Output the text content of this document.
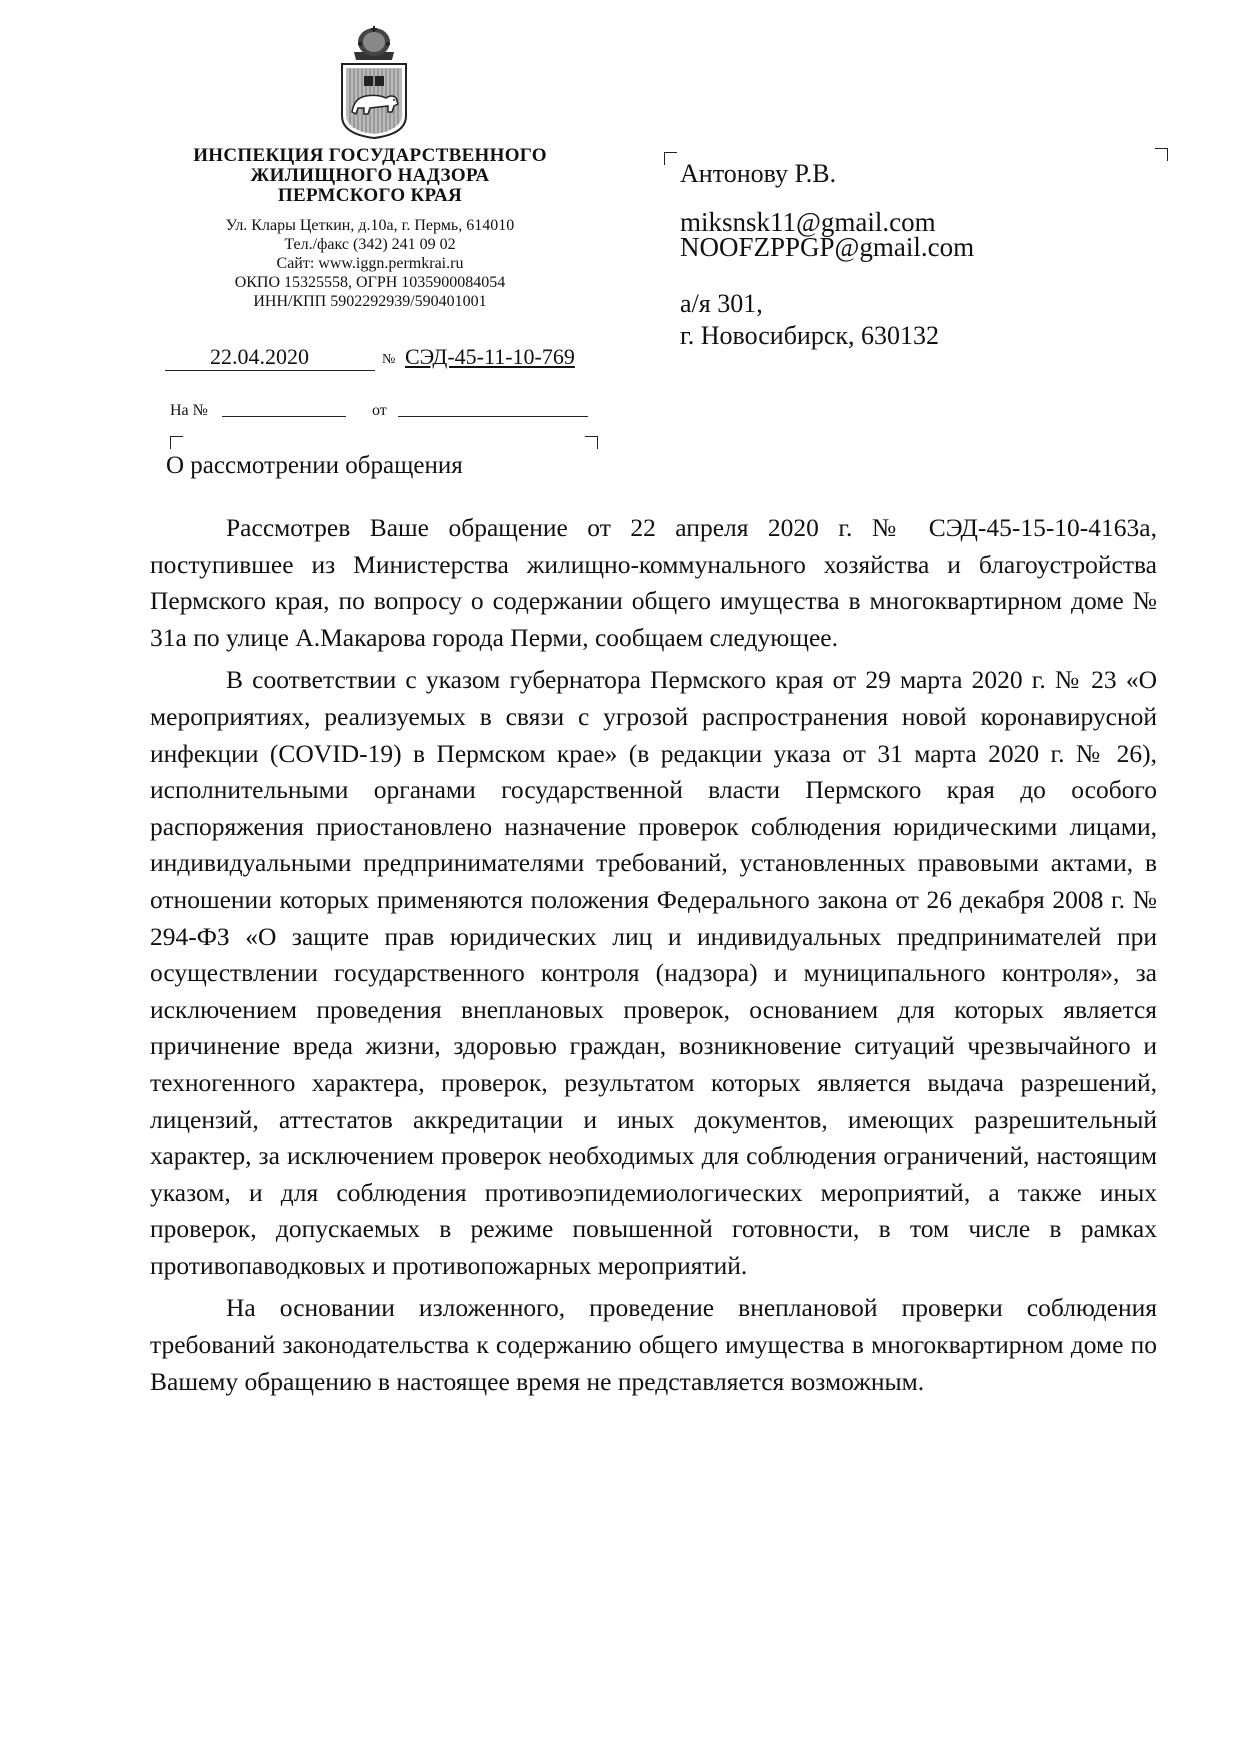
ИНСПЕКЦИЯ ГОСУДАРСТВЕННОГО
ЖИЛИЩНОГО НАДЗОРА
ПЕРМСКОГО КРАЯ
Ул. Клары Цеткин, д.10а, г. Пермь, 614010
Тел./факс (342) 241 09 02
Сайт: www.iggn.permkrai.ru
ОКПО 15325558, ОГРН 1035900084054
ИНН/КПП 5902292939/590401001
22.04.2020	№ СЭД-45-11-10-769
На №	от
О рассмотрении обращения
Антонову Р.В.
miksnsk11@gmail.com
NOOFZPPGP@gmail.com
а/я 301,
г. Новосибирск, 630132

Рассмотрев Ваше обращение от 22 апреля 2020 г. № СЭД-45-15-10-4163а, поступившее из Министерства жилищно-коммунального хозяйства и благоустройства Пермского края, по вопросу о содержании общего имущества в многоквартирном доме № 31а по улице А.Макарова города Перми, сообщаем следующее.

В соответствии с указом губернатора Пермского края от 29 марта 2020 г. № 23 «О мероприятиях, реализуемых в связи с угрозой распространения новой коронавирусной инфекции (COVID-19) в Пермском крае» (в редакции указа от 31 марта 2020 г. № 26), исполнительными органами государственной власти Пермского края до особого распоряжения приостановлено назначение проверок соблюдения юридическими лицами, индивидуальными предпринимателями требований, установленных правовыми актами, в отношении которых применяются положения Федерального закона от 26 декабря 2008 г. № 294-ФЗ «О защите прав юридических лиц и индивидуальных предпринимателей при осуществлении государственного контроля (надзора) и муниципального контроля», за исключением проведения внеплановых проверок, основанием для которых является причинение вреда жизни, здоровью граждан, возникновение ситуаций чрезвычайного и техногенного характера, проверок, результатом которых является выдача разрешений, лицензий, аттестатов аккредитации и иных документов, имеющих разрешительный характер, за исключением проверок необходимых для соблюдения ограничений, настоящим указом, и для соблюдения противоэпидемиологических мероприятий, а также иных проверок, допускаемых в режиме повышенной готовности, в том числе в рамках противопаводковых и противопожарных мероприятий.

На основании изложенного, проведение внеплановой проверки соблюдения требований законодательства к содержанию общего имущества в многоквартирном доме по Вашему обращению в настоящее время не представляется возможным.
